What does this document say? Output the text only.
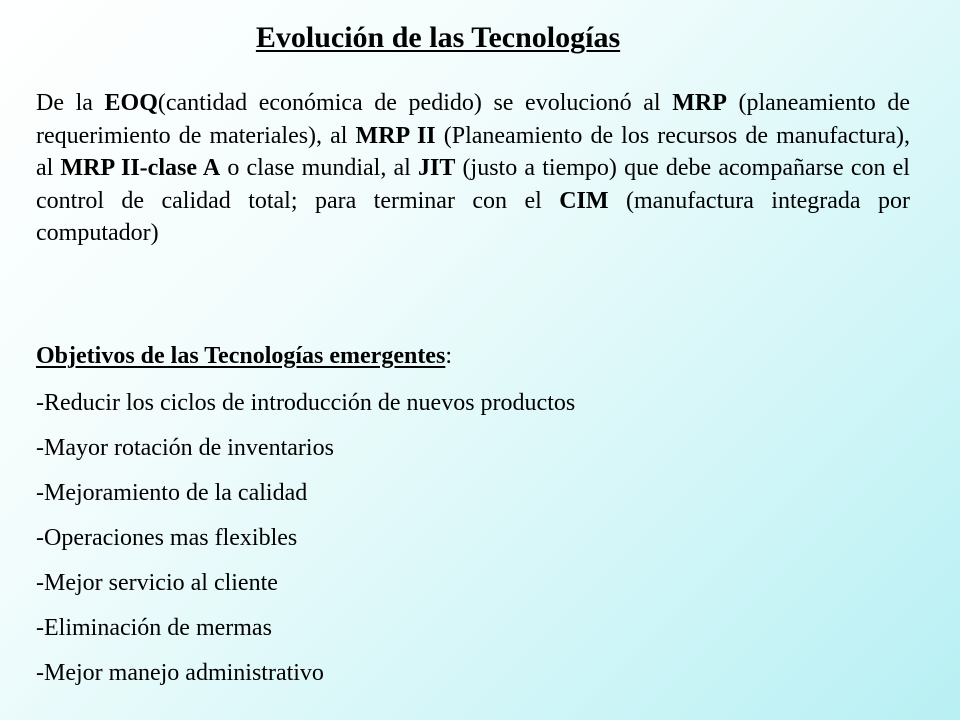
Evolución de las Tecnologías

De la EOQ(cantidad económica de pedido) se evolucionó al MRP (planeamiento de requerimiento de materiales), al MRP II (Planeamiento de los recursos de manufactura), al MRP II-clase A o clase mundial, al JIT (justo a tiempo) que debe acompañarse con el control de calidad total; para terminar con el CIM (manufactura integrada por computador)

Objetivos de las Tecnologías emergentes:

-Reducir los ciclos de introducción de nuevos productos
-Mayor rotación de inventarios
-Mejoramiento de la calidad
-Operaciones mas flexibles
-Mejor servicio al cliente
-Eliminación de mermas
-Mejor manejo administrativo
